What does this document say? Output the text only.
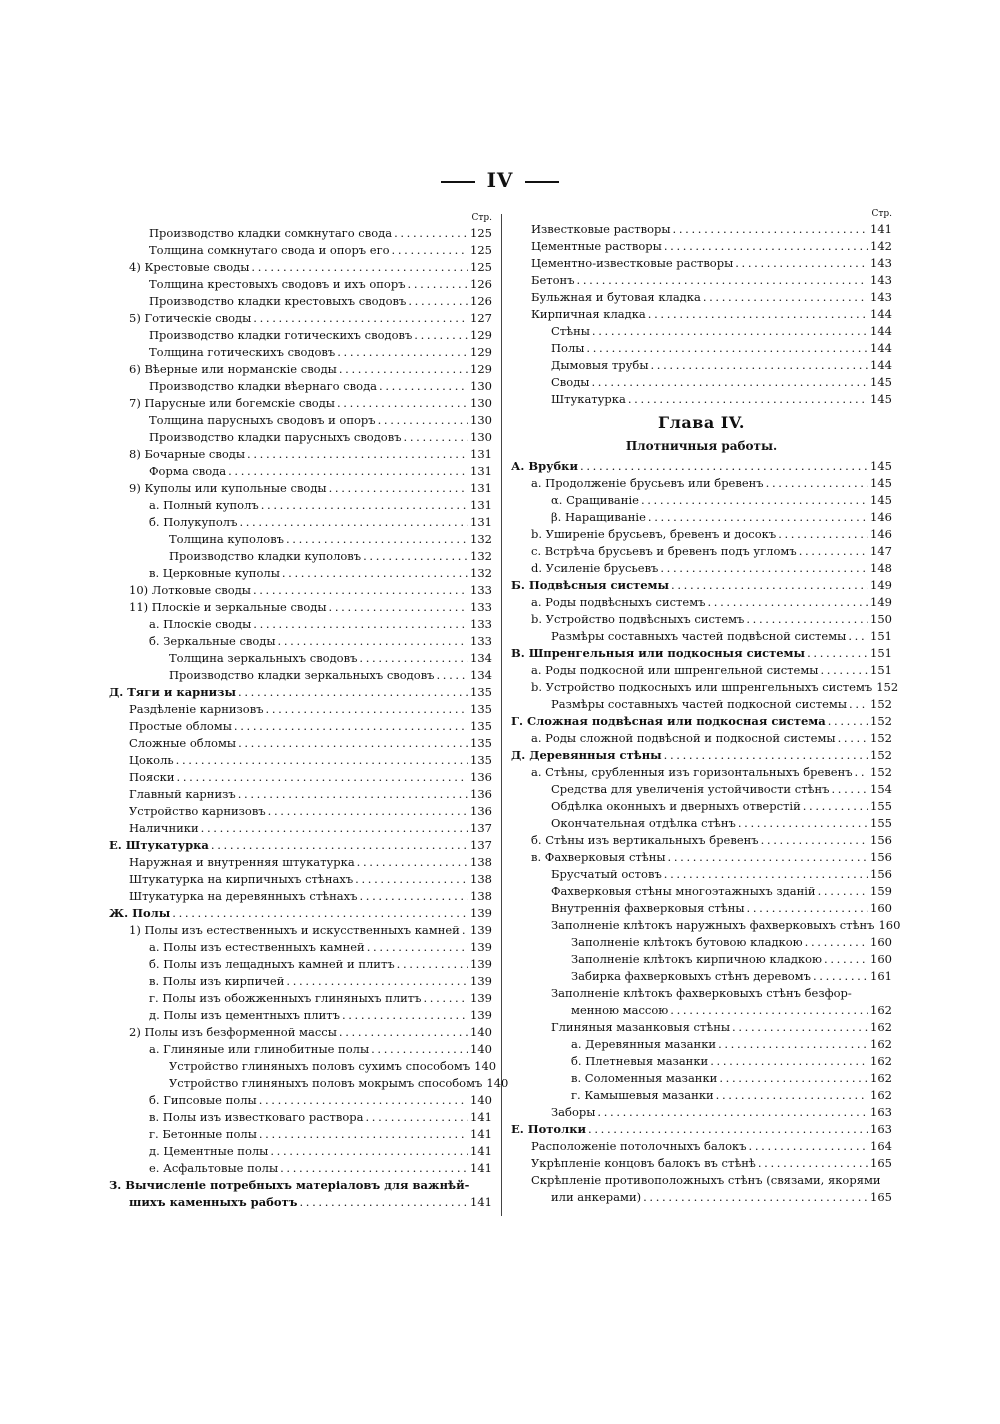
IV
Стр.
Производство кладки сомкнутаго свода . . .	125
Толщина сомкнутаго свода и опоръ его . . .	125
4) Крестовые своды . . .	125
Толщина крестовыхъ сводовъ и ихъ опоръ . . .	126
Производство кладки крестовыхъ сводовъ . . .	126
5) Готическіе своды . . .	127
Производство кладки готическихъ сводовъ . . .	129
Толщина готическихъ сводовъ . . .	129
6) Вѣерные или норманскіе своды . . .	129
Производство кладки вѣернаго свода . . .	130
7) Парусные или богемскіе своды . . .	130
Толщина парусныхъ сводовъ и опоръ . . .	130
Производство кладки парусныхъ сводовъ . . .	130
8) Бочарные своды . . .	131
Форма свода . . .	131
9) Куполы или купольные своды . . .	131
а. Полный куполъ . . .	131
б. Полукуполъ . . .	131
Толщина куполовъ . . .	132
Производство кладки куполовъ . . .	132
в. Церковные куполы . . .	132
10) Лотковые своды . . .	133
11) Плоскіе и зеркальные своды . . .	133
а. Плоскіе своды . . .	133
б. Зеркальные своды . . .	133
Толщина зеркальныхъ сводовъ . . .	134
Производство кладки зеркальныхъ сводовъ . . .	134
Д. Тяги и карнизы . . .	135
Раздѣленіе карнизовъ . . .	135
Простые обломы . . .	135
Сложные обломы . . .	135
Цоколь . . .	135
Пояски . . .	136
Главный карнизъ . . .	136
Устройство карнизовъ . . .	136
Наличники . . .	137
Е. Штукатурка . . .	137
Наружная и внутренняя штукатурка . . .	138
Штукатурка на кирпичныхъ стѣнахъ . . .	138
Штукатурка на деревянныхъ стѣнахъ . . .	138
Ж. Полы . . .	139
1) Полы изъ естественныхъ и искусственныхъ камней . . . 139
а. Полы изъ естественныхъ камней . . .	139
б. Полы изъ лещадныхъ камней и плитъ . . .	139
в. Полы изъ кирпичей . . .	139
г. Полы изъ обожженныхъ глиняныхъ плитъ . . .	139
д. Полы изъ цементныхъ плитъ . . .	139
2) Полы изъ безформенной массы . . .	140
а. Глиняные или глинобитные полы . . .	140
Устройство глиняныхъ половъ сухимъ способомъ 140
Устройство глиняныхъ половъ мокрымъ способомъ 140
б. Гипсовые полы . . .	140
в. Полы изъ известковаго раствора . . .	141
г. Бетонные полы . . .	141
д. Цементные полы . . .	141
е. Асфальтовые полы . . .	141
З. Вычисленіе потребныхъ матеріаловъ для важнѣй-
шихъ каменныхъ работъ . . .	141
Стр.
Известковые растворы . . .	141
Цементные растворы . . .	142
Цементно-известковые растворы . . .	143
Бетонъ . . .	143
Бульжная и бутовая кладка . . .	143
Кирпичная кладка . . .	144
Стѣны . . .	144
Полы . . .	144
Дымовыя трубы . . .	144
Своды . . .	145
Штукатурка . . .	145
Глава IV.
Плотничныя работы.
А. Врубки . . .	145
а. Продолженіе брусьевъ или бревенъ . . .	145
α. Сращиваніе . . .	145
β. Наращиваніе . . .	146
b. Уширеніе брусьевъ, бревенъ и досокъ . . .	146
c. Встрѣча брусьевъ и бревенъ подъ угломъ . . .	147
d. Усиленіе брусьевъ . . .	148
Б. Подвѣсныя системы . . .	149
a. Роды подвѣсныхъ системъ . . .	149
b. Устройство подвѣсныхъ системъ . . .	150
Размѣры составныхъ частей подвѣсной системы . . . 151
В. Шпренгельныя или подкосныя системы . . .	151
a. Роды подкосной или шпренгельной системы . . .	151
b. Устройство подкосныхъ или шпренгельныхъ системъ 152
Размѣры составныхъ частей подкосной системы . . . 152
Г. Сложная подвѣсная или подкосная система . . .	152
a. Роды сложной подвѣсной и подкосной системы . . .	152
Д. Деревянныя стѣны . . .	152
a. Стѣны, срубленныя изъ горизонтальныхъ бревенъ . . . 152
Средства для увеличенія устойчивости стѣнъ . . .	154
Обдѣлка оконныхъ и дверныхъ отверстій . . .	155
Окончательная отдѣлка стѣнъ . . .	155
б. Стѣны изъ вертикальныхъ бревенъ . . .	156
в. Фахверковыя стѣны . . .	156
Брусчатый остовъ . . .	156
Фахверковыя стѣны многоэтажныхъ зданій . . .	159
Внутреннія фахверковыя стѣны . . .	160
Заполненіе клѣтокъ наружныхъ фахверковыхъ стѣнъ 160
Заполненіе клѣтокъ бутовою кладкою . . .	160
Заполненіе клѣтокъ кирпичною кладкою . . .	160
Забирка фахверковыхъ стѣнъ деревомъ . . .	161
Заполненіе клѣтокъ фахверковыхъ стѣнъ безфор-
менною массою . . .	162
Глиняныя мазанковыя стѣны . . .	162
а. Деревянныя мазанки . . .	162
б. Плетневыя мазанки . . .	162
в. Соломенныя мазанки . . .	162
г. Камышевыя мазанки . . .	162
Заборы . . .	163
Е. Потолки . . .	163
Расположеніе потолочныхъ балокъ . . .	164
Укрѣпленіе концовъ балокъ въ стѣнѣ . . .	165
Скрѣпленіе противоположныхъ стѣнъ (связами, якорями
или анкерами) . . .	165
